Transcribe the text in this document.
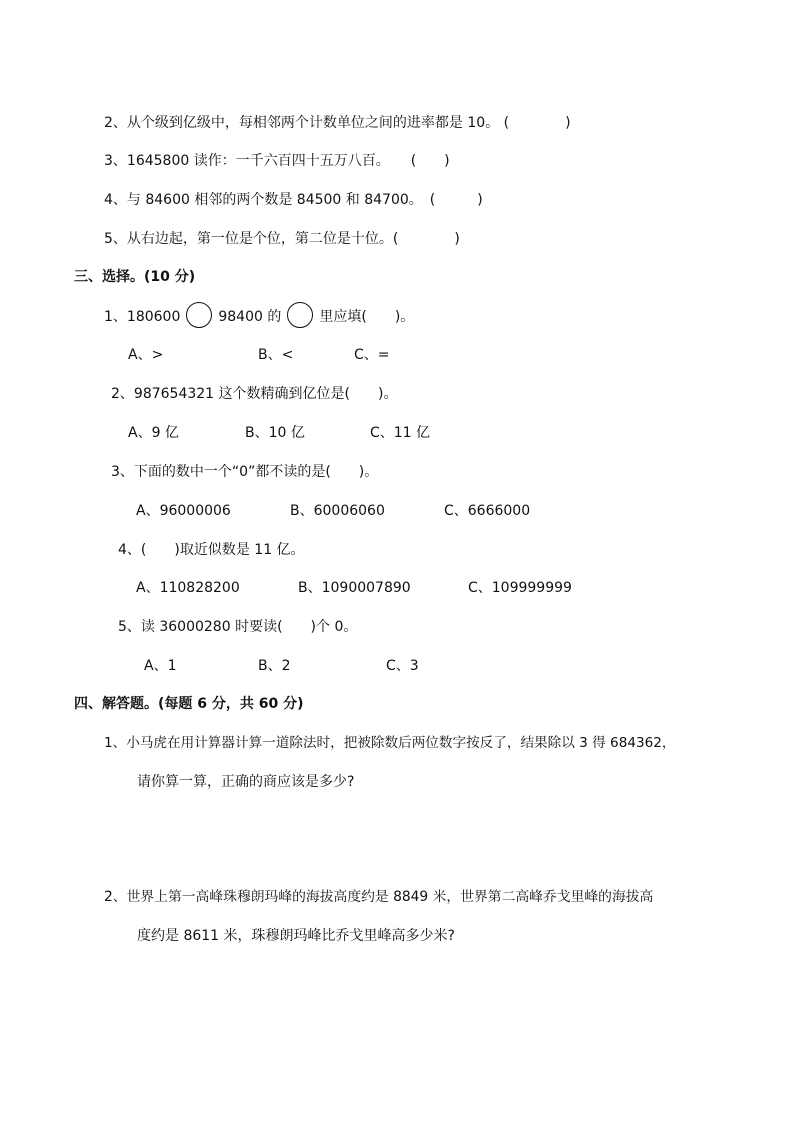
2、从个级到亿级中，每相邻两个计数单位之间的进率都是 10。 (　　　　)
3、1645800 读作：一千六百四十五万八百。　　(　　)
4、与 84600 相邻的两个数是 84500 和 84700。　(　　　)
5、从右边起，第一位是个位，第二位是十位。(　　　　)
三、选择。(10 分)
1、180600	98400 的	里应填(　　)。
A、>	B、<	C、=
2、987654321 这个数精确到亿位是(　　)。
A、9 亿	B、10 亿	C、11 亿
3、下面的数中一个“0”都不读的是(　　)。
A、96000006	B、60006060	C、6666000
4、(　　)取近似数是 11 亿。
A、110828200	B、1090007890	C、109999999
5、读 36000280 时要读(　　)个 0。
A、1	B、2	C、3
四、解答题。(每题 6 分，共 60 分)
1、小马虎在用计算器计算一道除法时，把被除数后两位数字按反了，结果除以 3 得 684362，
请你算一算，正确的商应该是多少?
2、世界上第一高峰珠穆朗玛峰的海拔高度约是 8849 米，世界第二高峰乔戈里峰的海拔高
度约是 8611 米，珠穆朗玛峰比乔戈里峰高多少米?
